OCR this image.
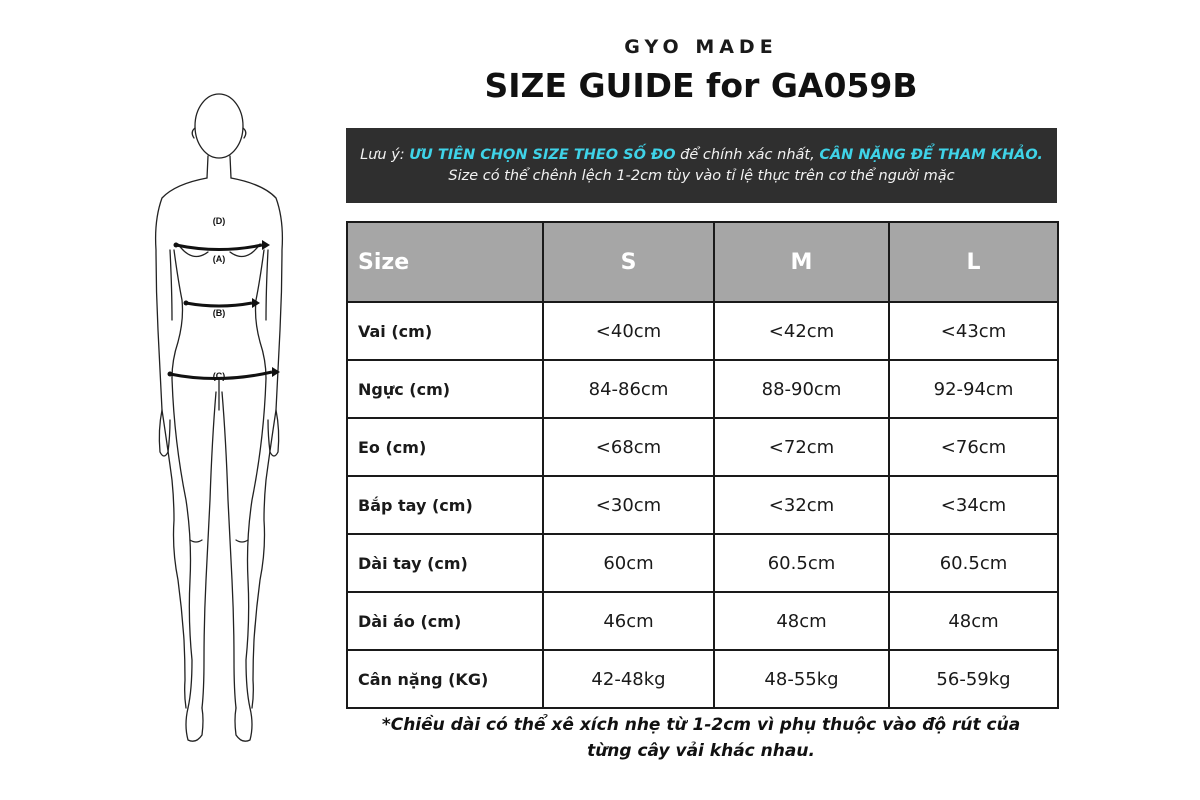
(D)
(A)
(B)
(C)
GYO MADE
SIZE GUIDE for GA059B
Lưu ý: ƯU TIÊN CHỌN SIZE THEO SỐ ĐO để chính xác nhất, CÂN NẶNG ĐỂ THAM KHẢO.
Size có thể chênh lệch 1-2cm tùy vào tỉ lệ thực trên cơ thể người mặc
Size	S	M	L
Vai (cm)	<40cm	<42cm	<43cm
Ngực (cm)	84-86cm	88-90cm	92-94cm
Eo (cm)	<68cm	<72cm	<76cm
Bắp tay (cm)	<30cm	<32cm	<34cm
Dài tay (cm)	60cm	60.5cm	60.5cm
Dài áo (cm)	46cm	48cm	48cm
Cân nặng (KG)	42-48kg	48-55kg	56-59kg
*Chiều dài có thể xê xích nhẹ từ 1-2cm vì phụ thuộc vào độ rút của
từng cây vải khác nhau.
